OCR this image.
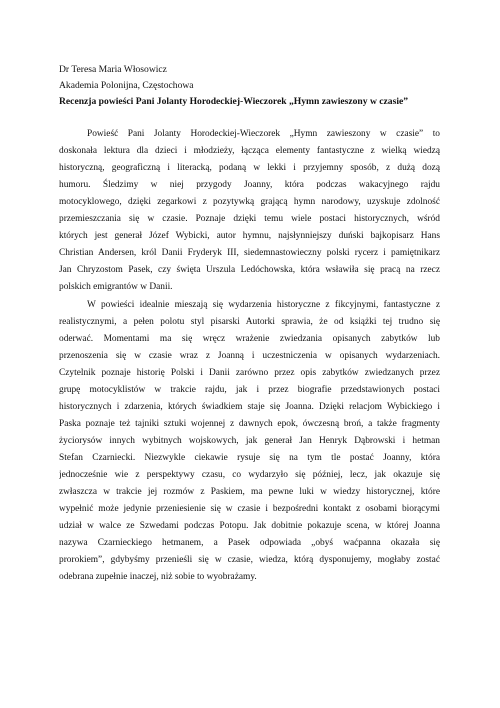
Dr Teresa Maria Włosowicz
Akademia Polonijna, Częstochowa
Recenzja powieści Pani Jolanty Horodeckiej-Wieczorek „Hymn zawieszony w czasie”
Powieść Pani Jolanty Horodeckiej-Wieczorek „Hymn zawieszony w czasie” to
doskonała lektura dla dzieci i młodzieży, łącząca elementy fantastyczne z wielką wiedzą
historyczną, geograficzną i literacką, podaną w lekki i przyjemny sposób, z dużą dozą
humoru. Śledzimy w niej przygody Joanny, która podczas wakacyjnego rajdu
motocyklowego, dzięki zegarkowi z pozytywką grającą hymn narodowy, uzyskuje zdolność
przemieszczania się w czasie. Poznaje dzięki temu wiele postaci historycznych, wśród
których jest generał Józef Wybicki, autor hymnu, najsłynniejszy duński bajkopisarz Hans
Christian Andersen, król Danii Fryderyk III, siedemnastowieczny polski rycerz i pamiętnikarz
Jan Chryzostom Pasek, czy święta Urszula Ledóchowska, która wsławiła się pracą na rzecz
polskich emigrantów w Danii.
W powieści idealnie mieszają się wydarzenia historyczne z fikcyjnymi, fantastyczne z
realistycznymi, a pełen polotu styl pisarski Autorki sprawia, że od książki tej trudno się
oderwać. Momentami ma się wręcz wrażenie zwiedzania opisanych zabytków lub
przenoszenia się w czasie wraz z Joanną i uczestniczenia w opisanych wydarzeniach.
Czytelnik poznaje historię Polski i Danii zarówno przez opis zabytków zwiedzanych przez
grupę motocyklistów w trakcie rajdu, jak i przez biografie przedstawionych postaci
historycznych i zdarzenia, których świadkiem staje się Joanna. Dzięki relacjom Wybickiego i
Paska poznaje też tajniki sztuki wojennej z dawnych epok, ówczesną broń, a także fragmenty
życiorysów innych wybitnych wojskowych, jak generał Jan Henryk Dąbrowski i hetman
Stefan Czarniecki. Niezwykle ciekawie rysuje się na tym tle postać Joanny, która
jednocześnie wie z perspektywy czasu, co wydarzyło się później, lecz, jak okazuje się
zwłaszcza w trakcie jej rozmów z Paskiem, ma pewne luki w wiedzy historycznej, które
wypełnić może jedynie przeniesienie się w czasie i bezpośredni kontakt z osobami biorącymi
udział w walce ze Szwedami podczas Potopu. Jak dobitnie pokazuje scena, w której Joanna
nazywa Czarnieckiego hetmanem, a Pasek odpowiada „obyś waćpanna okazała się
prorokiem”, gdybyśmy przenieśli się w czasie, wiedza, którą dysponujemy, mogłaby zostać
odebrana zupełnie inaczej, niż sobie to wyobrażamy.
